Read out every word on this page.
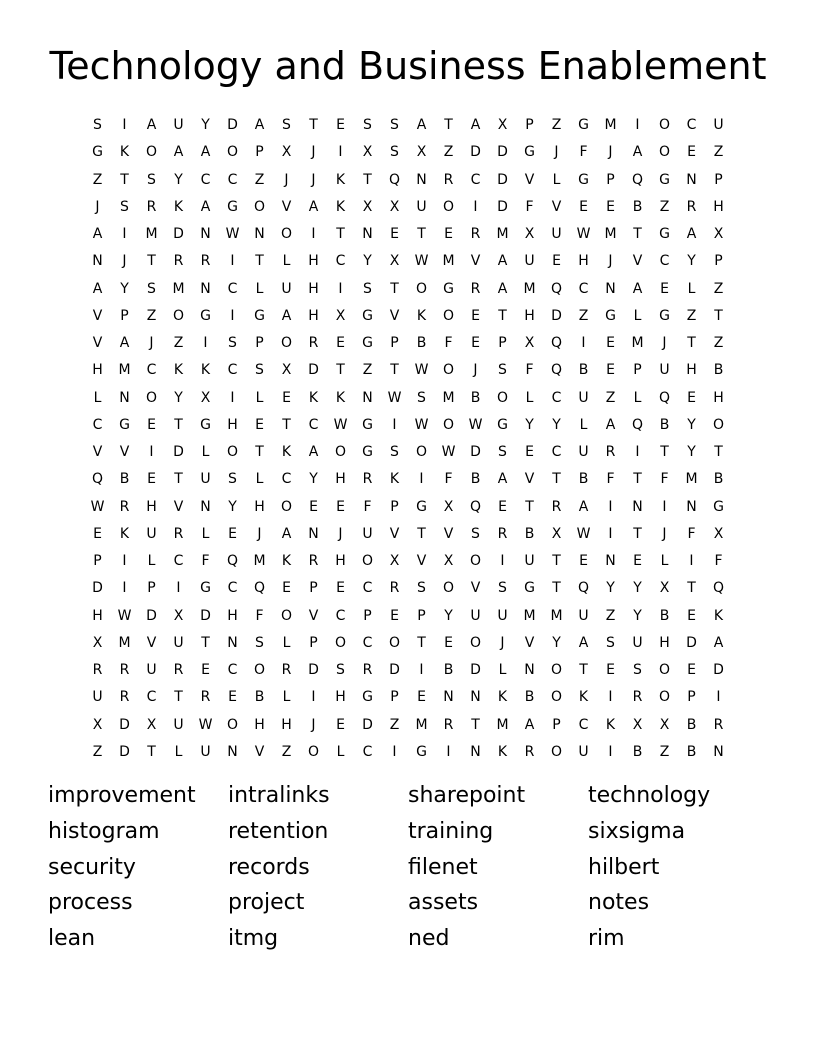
Technology and Business Enablement
S	I	A	U	Y	D	A	S	T	E	S	S	A	T	A	X	P	Z	G	M	I	O	C	U
G	K	O	A	A	O	P	X	J	I	X	S	X	Z	D	D	G	J	F	J	A	O	E	Z
Z	T	S	Y	C	C	Z	J	J	K	T	Q	N	R	C	D	V	L	G	P	Q	G	N	P
J	S	R	K	A	G	O	V	A	K	X	X	U	O	I	D	F	V	E	E	B	Z	R	H
A	I	M	D	N	W	N	O	I	T	N	E	T	E	R	M	X	U	W	M	T	G	A	X
N	J	T	R	R	I	T	L	H	C	Y	X	W	M	V	A	U	E	H	J	V	C	Y	P
A	Y	S	M	N	C	L	U	H	I	S	T	O	G	R	A	M	Q	C	N	A	E	L	Z
V	P	Z	O	G	I	G	A	H	X	G	V	K	O	E	T	H	D	Z	G	L	G	Z	T
V	A	J	Z	I	S	P	O	R	E	G	P	B	F	E	P	X	Q	I	E	M	J	T	Z
H	M	C	K	K	C	S	X	D	T	Z	T	W	O	J	S	F	Q	B	E	P	U	H	B
L	N	O	Y	X	I	L	E	K	K	N	W	S	M	B	O	L	C	U	Z	L	Q	E	H
C	G	E	T	G	H	E	T	C	W	G	I	W	O	W	G	Y	Y	L	A	Q	B	Y	O
V	V	I	D	L	O	T	K	A	O	G	S	O	W	D	S	E	C	U	R	I	T	Y	T
Q	B	E	T	U	S	L	C	Y	H	R	K	I	F	B	A	V	T	B	F	T	F	M	B
W	R	H	V	N	Y	H	O	E	E	F	P	G	X	Q	E	T	R	A	I	N	I	N	G
E	K	U	R	L	E	J	A	N	J	U	V	T	V	S	R	B	X	W	I	T	J	F	X
P	I	L	C	F	Q	M	K	R	H	O	X	V	X	O	I	U	T	E	N	E	L	I	F
D	I	P	I	G	C	Q	E	P	E	C	R	S	O	V	S	G	T	Q	Y	Y	X	T	Q
H	W	D	X	D	H	F	O	V	C	P	E	P	Y	U	U	M	M	U	Z	Y	B	E	K
X	M	V	U	T	N	S	L	P	O	C	O	T	E	O	J	V	Y	A	S	U	H	D	A
R	R	U	R	E	C	O	R	D	S	R	D	I	B	D	L	N	O	T	E	S	O	E	D
U	R	C	T	R	E	B	L	I	H	G	P	E	N	N	K	B	O	K	I	R	O	P	I
X	D	X	U	W	O	H	H	J	E	D	Z	M	R	T	M	A	P	C	K	X	X	B	R
Z	D	T	L	U	N	V	Z	O	L	C	I	G	I	N	K	R	O	U	I	B	Z	B	N
improvement	intralinks	sharepoint	technology
histogram	retention	training	sixsigma
security	records	filenet	hilbert
process	project	assets	notes
lean	itmg	ned	rim
